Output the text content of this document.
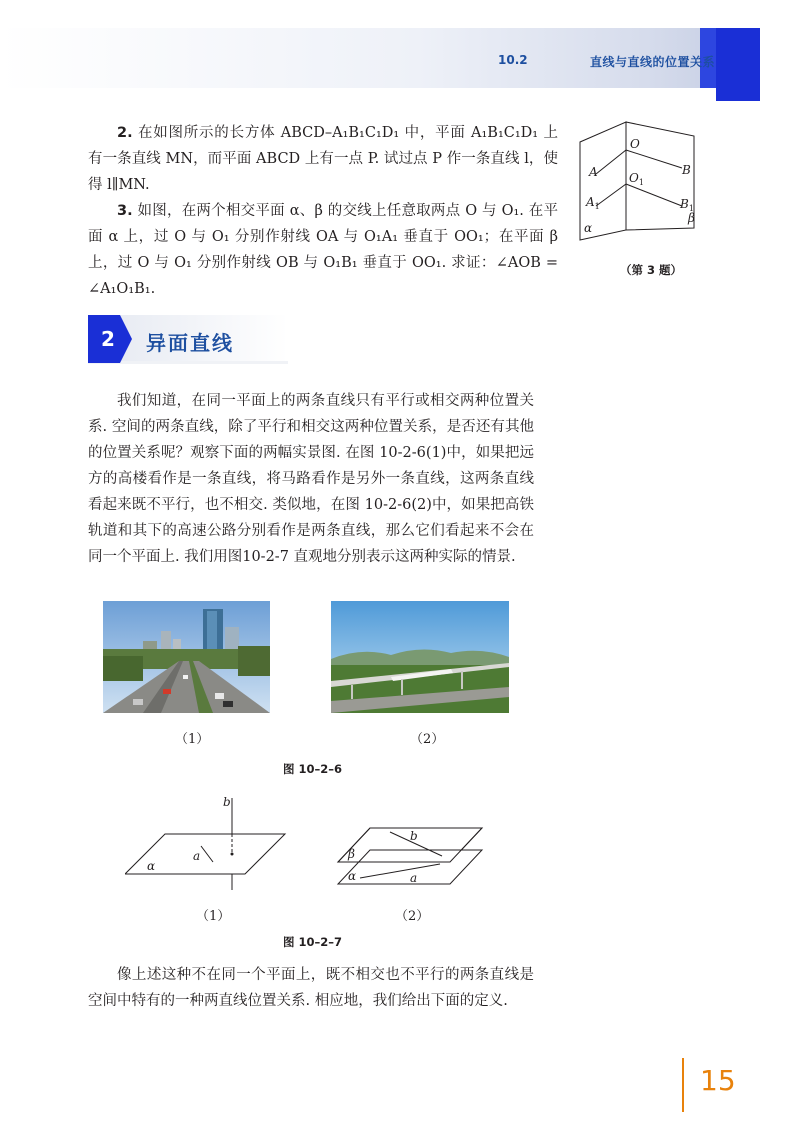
10.2	直线与直线的位置关系

2. 在如图所示的长方体 ABCD–A₁B₁C₁D₁ 中，平面 A₁B₁C₁D₁ 上有一条直线 MN，而平面 ABCD 上有一点 P. 试过点 P 作一条直线 l，使得 l∥MN.

3. 如图，在两个相交平面 α、β 的交线上任意取两点 O 与 O₁. 在平面 α 上，过 O 与 O₁ 分别作射线 OA 与 O₁A₁ 垂直于 OO₁；在平面 β 上，过 O 与 O₁ 分别作射线 OB 与 O₁B₁ 垂直于 OO₁. 求证：∠AOB = ∠A₁O₁B₁.

O
A	B
$O_1$
$A_1$	$B_1$
α
β
（第 3 题）
2 异面直线

我们知道，在同一平面上的两条直线只有平行或相交两种位置关系. 空间的两条直线，除了平行和相交这两种位置关系，是否还有其他的位置关系呢？观察下面的两幅实景图. 在图 10-2-6(1)中，如果把远方的高楼看作是一条直线，将马路看作是另外一条直线，这两条直线看起来既不平行，也不相交. 类似地，在图 10-2-6(2)中，如果把高铁轨道和其下的高速公路分别看作是两条直线，那么它们看起来不会在同一个平面上. 我们用图10-2-7 直观地分别表示这两种实际的情景.

（1）	（2）
图 10–2–6
b
a
α
b
β
α	a
（1）	（2）
图 10–2–7

像上述这种不在同一个平面上，既不相交也不平行的两条直线是空间中特有的一种两直线位置关系. 相应地，我们给出下面的定义.

15
